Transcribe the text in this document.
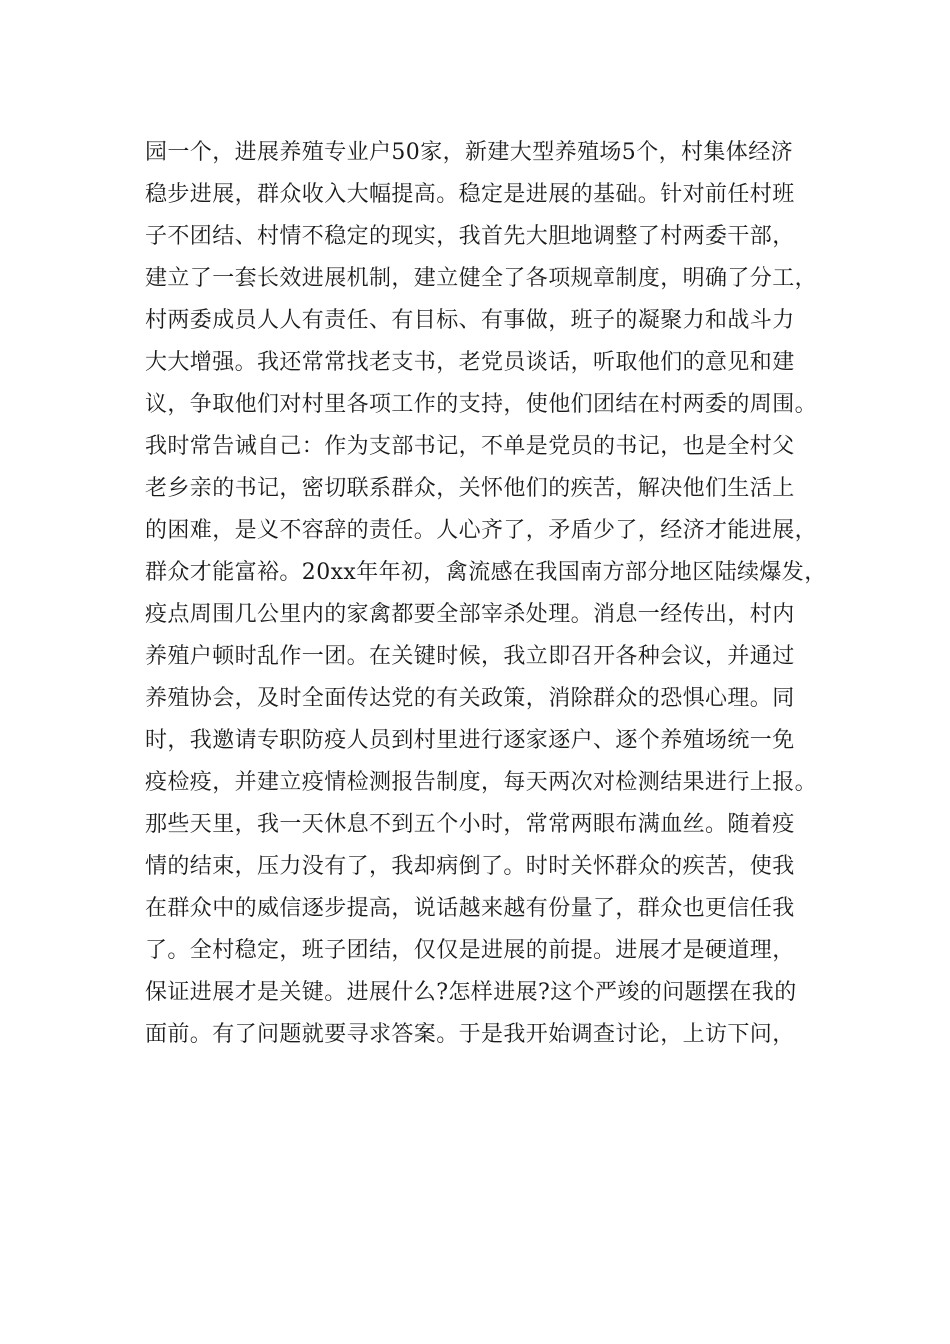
园一个，进展养殖专业户50家，新建大型养殖场5个，村集体经济
稳步进展，群众收入大幅提高。稳定是进展的基础。针对前任村班
子不团结、村情不稳定的现实，我首先大胆地调整了村两委干部，
建立了一套长效进展机制，建立健全了各项规章制度，明确了分工，
村两委成员人人有责任、有目标、有事做，班子的凝聚力和战斗力
大大增强。我还常常找老支书，老党员谈话，听取他们的意见和建
议，争取他们对村里各项工作的支持，使他们团结在村两委的周围。
我时常告诫自己：作为支部书记，不单是党员的书记，也是全村父
老乡亲的书记，密切联系群众，关怀他们的疾苦，解决他们生活上
的困难，是义不容辞的责任。人心齐了，矛盾少了，经济才能进展，
群众才能富裕。20xx年年初，禽流感在我国南方部分地区陆续爆发，
疫点周围几公里内的家禽都要全部宰杀处理。消息一经传出，村内
养殖户顿时乱作一团。在关键时候，我立即召开各种会议，并通过
养殖协会，及时全面传达党的有关政策，消除群众的恐惧心理。同
时，我邀请专职防疫人员到村里进行逐家逐户、逐个养殖场统一免
疫检疫，并建立疫情检测报告制度，每天两次对检测结果进行上报。
那些天里，我一天休息不到五个小时，常常两眼布满血丝。随着疫
情的结束，压力没有了，我却病倒了。时时关怀群众的疾苦，使我
在群众中的威信逐步提高，说话越来越有份量了，群众也更信任我
了。全村稳定，班子团结，仅仅是进展的前提。进展才是硬道理，
保证进展才是关键。进展什么?怎样进展?这个严竣的问题摆在我的
面前。有了问题就要寻求答案。于是我开始调查讨论，上访下问，
